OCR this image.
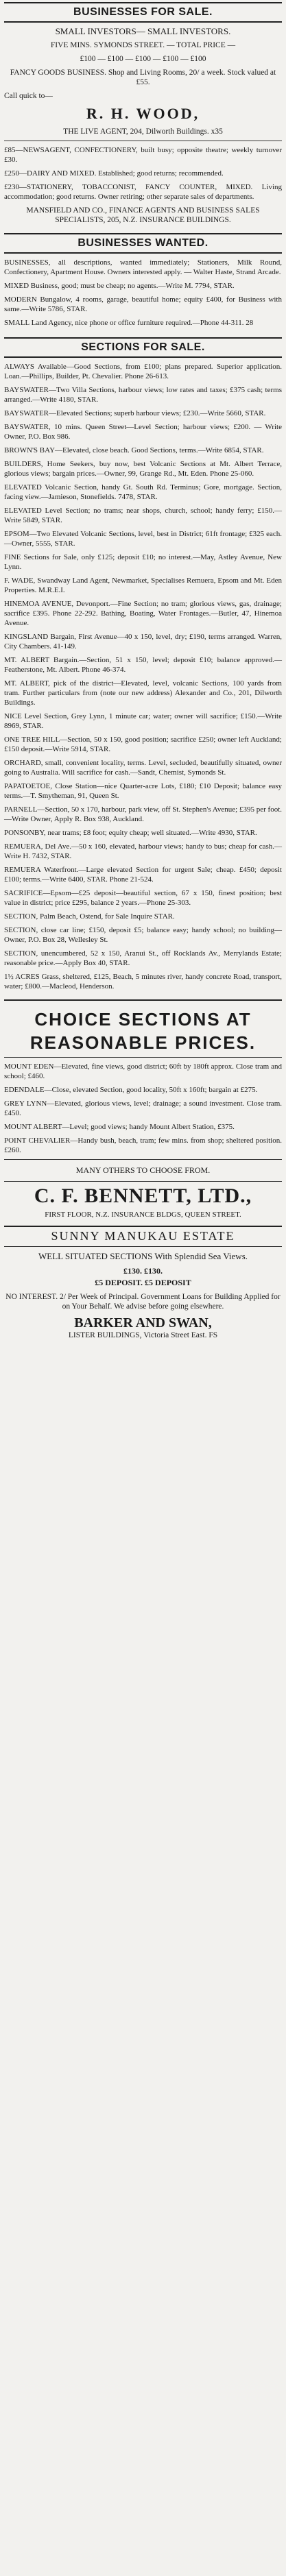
BUSINESSES FOR SALE.
SMALL INVESTORS— SMALL INVESTORS.
FIVE MINS. SYMONDS STREET. — TOTAL PRICE —
£100 — £100 — £100 — £100 — £100
FANCY GOODS BUSINESS. Shop and Living Rooms, 20/ a week. Stock valued at £55.
Call quick to—
R. H. WOOD,
THE LIVE AGENT, 204, Dilworth Buildings. x35
£85—NEWSAGENT, CONFECTIONERY, built busy; opposite theatre; weekly turnover £30.
£250—DAIRY AND MIXED. Established; good returns; recommended.
£230—STATIONERY, TOBACCONIST, FANCY COUNTER, MIXED. Living accommodation; good returns. Owner retiring; other separate sales of departments.
MANSFIELD AND CO., FINANCE AGENTS AND BUSINESS SALES SPECIALISTS, 205, N.Z. INSURANCE BUILDINGS.
BUSINESSES WANTED.
BUSINESSES, all descriptions, wanted immediately; Stationers, Milk Round, Confectionery, Apartment House. Owners interested apply. — Walter Haste, Strand Arcade.
MIXED Business, good; must be cheap; no agents.—Write M. 7794, STAR.
MODERN Bungalow, 4 rooms, garage, beautiful home; equity £400, for Business with same.—Write 5786, STAR.
SMALL Land Agency, nice phone or office furniture required.—Phone 44-311. 28
SECTIONS FOR SALE.
ALWAYS Available—Good Sections, from £100; plans prepared. Superior application. Loan.—Phillips, Builder, Pt. Chevalier. Phone 26-613.
BAYSWATER—Two Villa Sections, harbour views; low rates and taxes; £375 cash; terms arranged.—Write 4180, STAR.
BAYSWATER—Elevated Sections; superb harbour views; £230.—Write 5660, STAR.
BAYSWATER, 10 mins. Queen Street—Level Section; harbour views; £200. — Write Owner, P.O. Box 986.
BROWN'S BAY—Elevated, close beach. Good Sections, terms.—Write 6854, STAR.
BUILDERS, Home Seekers, buy now, best Volcanic Sections at Mt. Albert Terrace, glorious views; bargain prices.—Owner, 99, Grange Rd., Mt. Eden. Phone 25-060.
ELEVATED Volcanic Section, handy Gt. South Rd. Terminus; Gore, mortgage. Section, facing view.—Jamieson, Stonefields. 7478, STAR.
ELEVATED Level Section; no trams; near shops, church, school; handy ferry; £150.—Write 5849, STAR.
EPSOM—Two Elevated Volcanic Sections, level, best in District; 61ft frontage; £325 each.—Owner, 5555, STAR.
FINE Sections for Sale, only £125; deposit £10; no interest.—May, Astley Avenue, New Lynn.
F. WADE, Swandway Land Agent, Newmarket, Specialises Remuera, Epsom and Mt. Eden Properties. M.R.E.I.
HINEMOA AVENUE, Devonport.—Fine Section; no tram; glorious views, gas, drainage; sacrifice £395. Phone 22-292. Bathing, Boating, Water Frontages.—Butler, 47, Hinemoa Avenue.
KINGSLAND Bargain, First Avenue—40 x 150, level, dry; £190, terms arranged. Warren, City Chambers. 41-149.
MT. ALBERT Bargain.—Section, 51 x 150, level; deposit £10; balance approved.—Featherstone, Mt. Albert. Phone 46-374.
MT. ALBERT, pick of the district—Elevated, level, volcanic Sections, 100 yards from tram. Further particulars from (note our new address) Alexander and Co., 201, Dilworth Buildings.
NICE Level Section, Grey Lynn, 1 minute car; water; owner will sacrifice; £150.—Write 8969, STAR.
ONE TREE HILL—Section, 50 x 150, good position; sacrifice £250; owner left Auckland; £150 deposit.—Write 5914, STAR.
ORCHARD, small, convenient locality, terms. Level, secluded, beautifully situated, owner going to Australia. Will sacrifice for cash.—Sandt, Chemist, Symonds St.
PAPATOETOE, Close Station—nice Quarter-acre Lots, £180; £10 Deposit; balance easy terms.—T. Smytheman, 91, Queen St.
PARNELL—Section, 50 x 170, harbour, park view, off St. Stephen's Avenue; £395 per foot.—Write Owner, Apply R. Box 938, Auckland.
PONSONBY, near trams; £8 foot; equity cheap; well situated.—Write 4930, STAR.
REMUERA, Del Ave.—50 x 160, elevated, harbour views; handy to bus; cheap for cash.—Write H. 7432, STAR.
REMUERA Waterfront.—Large elevated Section for urgent Sale; cheap. £450; deposit £100; terms.—Write 6400, STAR. Phone 21-524.
SACRIFICE—Epsom—£25 deposit—beautiful section, 67 x 150, finest position; best value in district; price £295, balance 2 years.—Phone 25-303.
SECTION, Palm Beach, Ostend, for Sale Inquire STAR.
SECTION, close car line; £150, deposit £5; balance easy; handy school; no building—Owner, P.O. Box 28, Wellesley St.
SECTION, unencumbered, 52 x 150, Aranui St., off Rocklands Av., Merrylands Estate; reasonable price.—Apply Box 40, STAR.
1½ ACRES Grass, sheltered, £125, Beach, 5 minutes river, handy concrete Road, transport, water; £800.—Macleod, Henderson.
CHOICE SECTIONS AT REASONABLE PRICES.
MOUNT EDEN—Elevated, fine views, good district; 60ft by 180ft approx. Close tram and school; £460.
EDENDALE—Close, elevated Section, good locality, 50ft x 160ft; bargain at £275.
GREY LYNN—Elevated, glorious views, level; drainage; a sound investment. Close tram. £450.
MOUNT ALBERT—Level; good views; handy Mount Albert Station, £375.
POINT CHEVALIER—Handy bush, beach, tram; few mins. from shop; sheltered position. £260.
MANY OTHERS TO CHOOSE FROM.
C. F. BENNETT, LTD.,
FIRST FLOOR, N.Z. INSURANCE BLDGS, QUEEN STREET.
SUNNY MANUKAU ESTATE
WELL SITUATED SECTIONS With Splendid Sea Views.
£130. £130.
£5 DEPOSIT. £5 DEPOSIT
NO INTEREST. 2/ Per Week of Principal. Government Loans for Building Applied for on Your Behalf. We advise before going elsewhere.
BARKER AND SWAN,
LISTER BUILDINGS, Victoria Street East. FS
